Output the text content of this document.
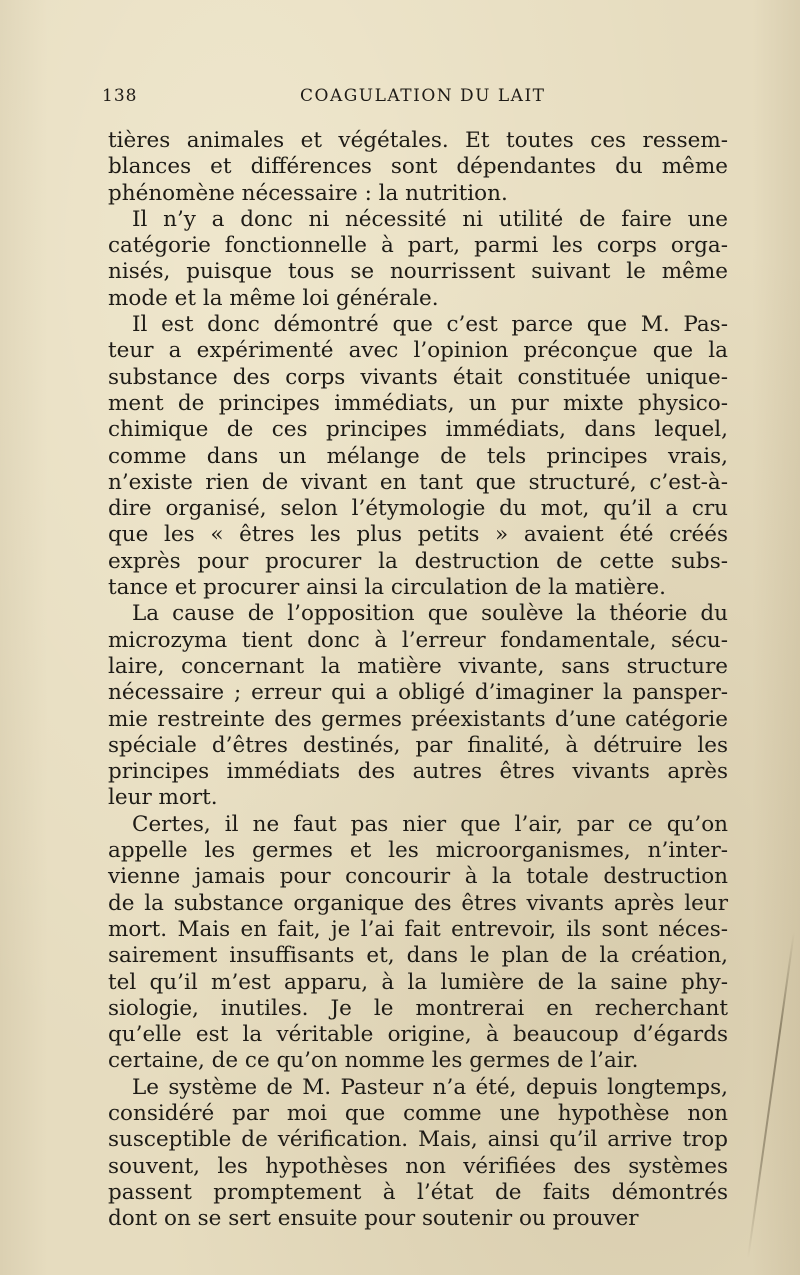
138	COAGULATION DU LAIT
tières animales et végétales. Et toutes ces ressem-
blances et différences sont dépendantes du même
phénomène nécessaire : la nutrition.
Il n’y a donc ni nécessité ni utilité de faire une
catégorie fonctionnelle à part, parmi les corps orga-
nisés, puisque tous se nourrissent suivant le même
mode et la même loi générale.
Il est donc démontré que c’est parce que M. Pas-
teur a expérimenté avec l’opinion préconçue que la
substance des corps vivants était constituée unique-
ment de principes immédiats, un pur mixte physico-
chimique de ces principes immédiats, dans lequel,
comme dans un mélange de tels principes vrais,
n’existe rien de vivant en tant que structuré, c’est-à-
dire organisé, selon l’étymologie du mot, qu’il a cru
que les « êtres les plus petits » avaient été créés
exprès pour procurer la destruction de cette subs-
tance et procurer ainsi la circulation de la matière.
La cause de l’opposition que soulève la théorie du
microzyma tient donc à l’erreur fondamentale, sécu-
laire, concernant la matière vivante, sans structure
nécessaire ; erreur qui a obligé d’imaginer la pansper-
mie restreinte des germes préexistants d’une catégorie
spéciale d’êtres destinés, par finalité, à détruire les
principes immédiats des autres êtres vivants après
leur mort.
Certes, il ne faut pas nier que l’air, par ce qu’on
appelle les germes et les microorganismes, n’inter-
vienne jamais pour concourir à la totale destruction
de la substance organique des êtres vivants après leur
mort. Mais en fait, je l’ai fait entrevoir, ils sont néces-
sairement insuffisants et, dans le plan de la création,
tel qu’il m’est apparu, à la lumière de la saine phy-
siologie, inutiles. Je le montrerai en recherchant
qu’elle est la véritable origine, à beaucoup d’égards
certaine, de ce qu’on nomme les germes de l’air.
Le système de M. Pasteur n’a été, depuis longtemps,
considéré par moi que comme une hypothèse non
susceptible de vérification. Mais, ainsi qu’il arrive trop
souvent, les hypothèses non vérifiées des systèmes
passent promptement à l’état de faits démontrés
dont on se sert ensuite pour soutenir ou prouver
